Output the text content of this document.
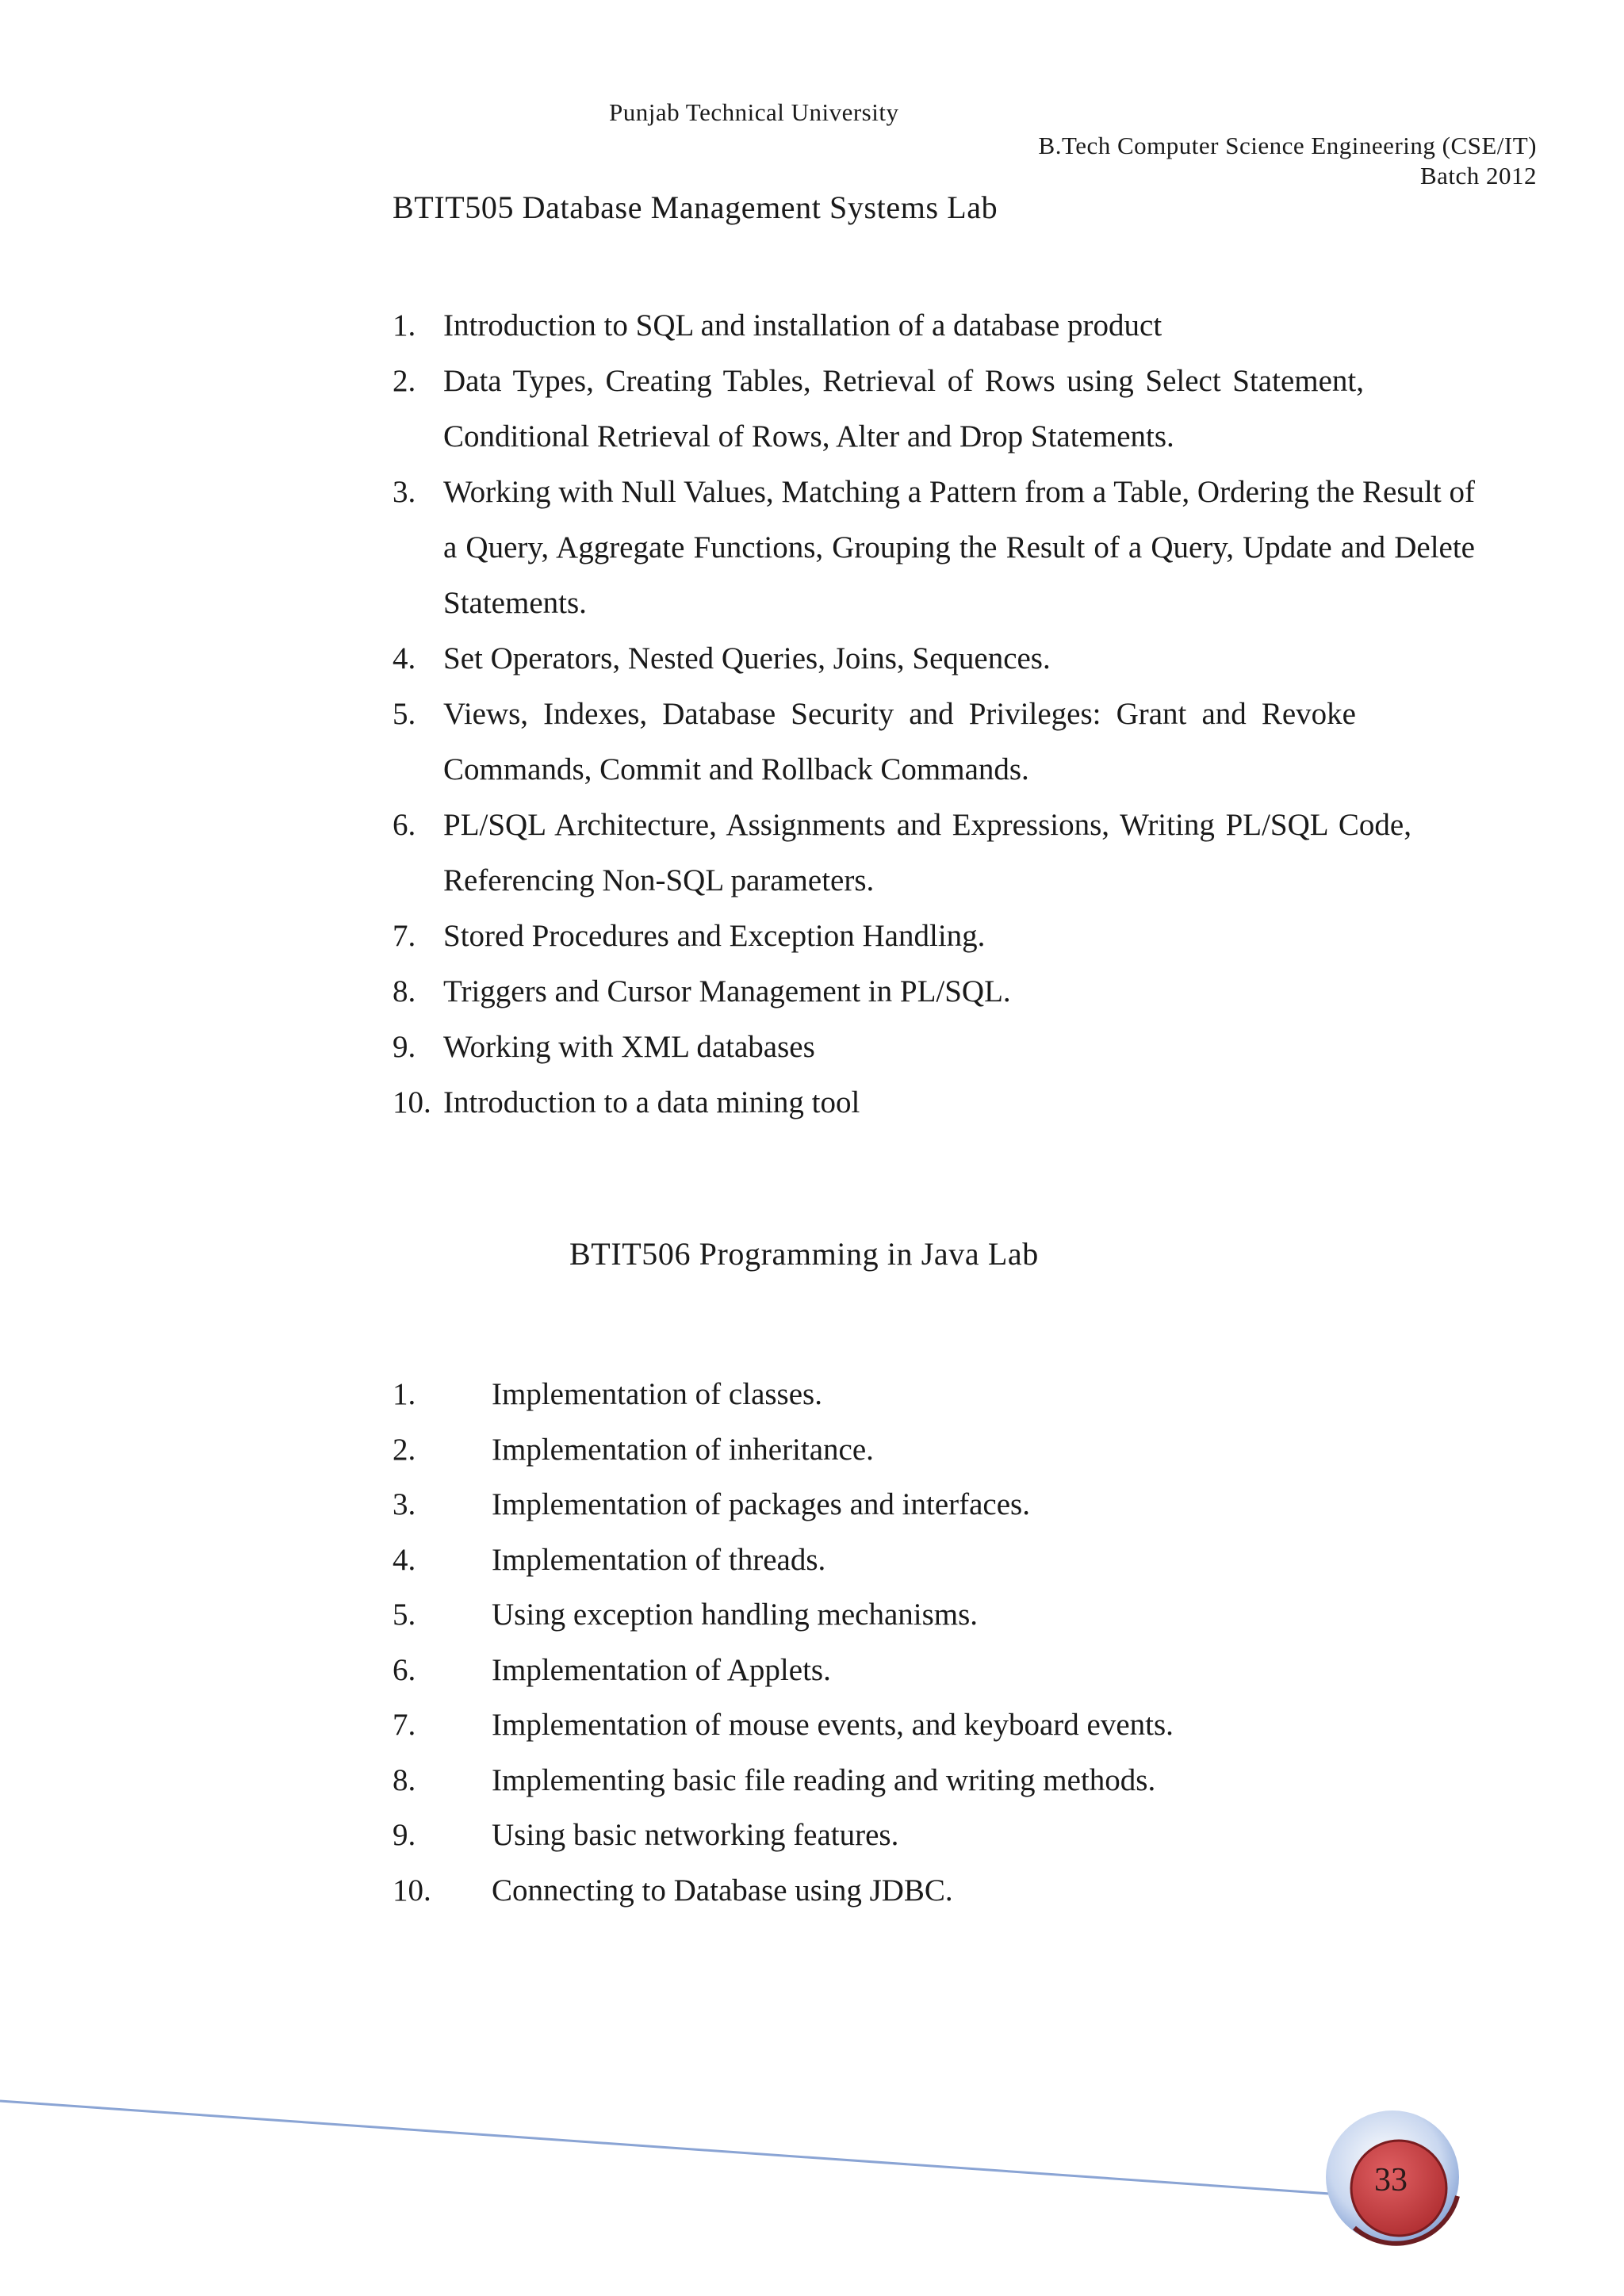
Punjab Technical University
B.Tech Computer Science Engineering (CSE/IT)
Batch 2012
BTIT505 Database Management Systems Lab
1. Introduction to SQL and installation of a database product
2. Data Types, Creating Tables, Retrieval of Rows using Select Statement, Conditional Retrieval of Rows, Alter and Drop Statements.
3. Working with Null Values, Matching a Pattern from a Table, Ordering the Result of a Query, Aggregate Functions, Grouping the Result of a Query, Update and Delete Statements.
4. Set Operators, Nested Queries, Joins, Sequences.
5. Views, Indexes, Database Security and Privileges: Grant and Revoke Commands, Commit and Rollback Commands.
6. PL/SQL Architecture, Assignments and Expressions, Writing PL/SQL Code, Referencing Non-SQL parameters.
7. Stored Procedures and Exception Handling.
8. Triggers and Cursor Management in PL/SQL.
9. Working with XML databases
10. Introduction to a data mining tool
BTIT506 Programming in Java Lab
1. Implementation of classes.
2. Implementation of inheritance.
3. Implementation of packages and interfaces.
4. Implementation of threads.
5. Using exception handling mechanisms.
6. Implementation of Applets.
7. Implementation of mouse events, and keyboard events.
8. Implementing basic file reading and writing methods.
9. Using basic networking features.
10. Connecting to Database using JDBC.
33
